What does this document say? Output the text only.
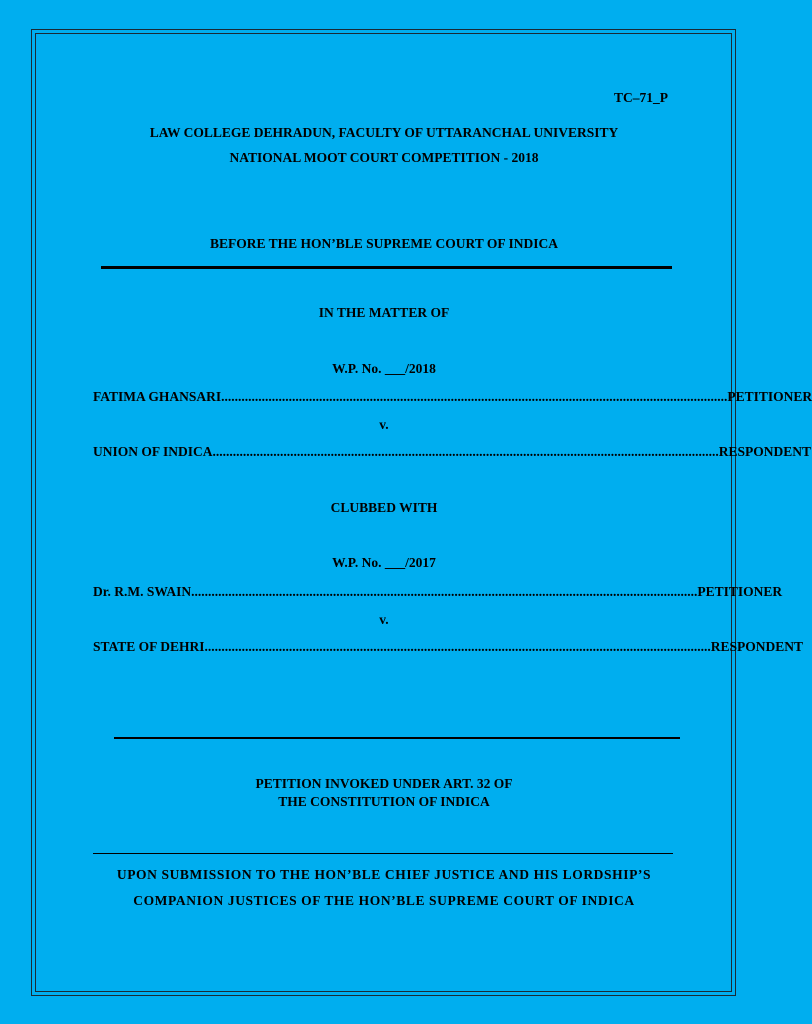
TC–71_P
LAW COLLEGE DEHRADUN, FACULTY OF UTTARANCHAL UNIVERSITY
NATIONAL MOOT COURT COMPETITION - 2018
BEFORE THE HON’BLE SUPREME COURT OF INDICA
IN THE MATTER OF
W.P. No. ___/2018
FATIMA GHANSARI ...................................................................................................................................................... PETITIONER
v.
UNION OF INDICA ...................................................................................................................................................... RESPONDENT
CLUBBED WITH
W.P. No. ___/2017
Dr. R.M. SWAIN ...................................................................................................................................................... PETITIONER
v.
STATE OF DEHRI ...................................................................................................................................................... RESPONDENT
PETITION INVOKED UNDER ART. 32 OF
THE CONSTITUTION OF INDICA
UPON SUBMISSION TO THE HON’BLE CHIEF JUSTICE AND HIS LORDSHIP’S
COMPANION JUSTICES OF THE HON’BLE SUPREME COURT OF INDICA
